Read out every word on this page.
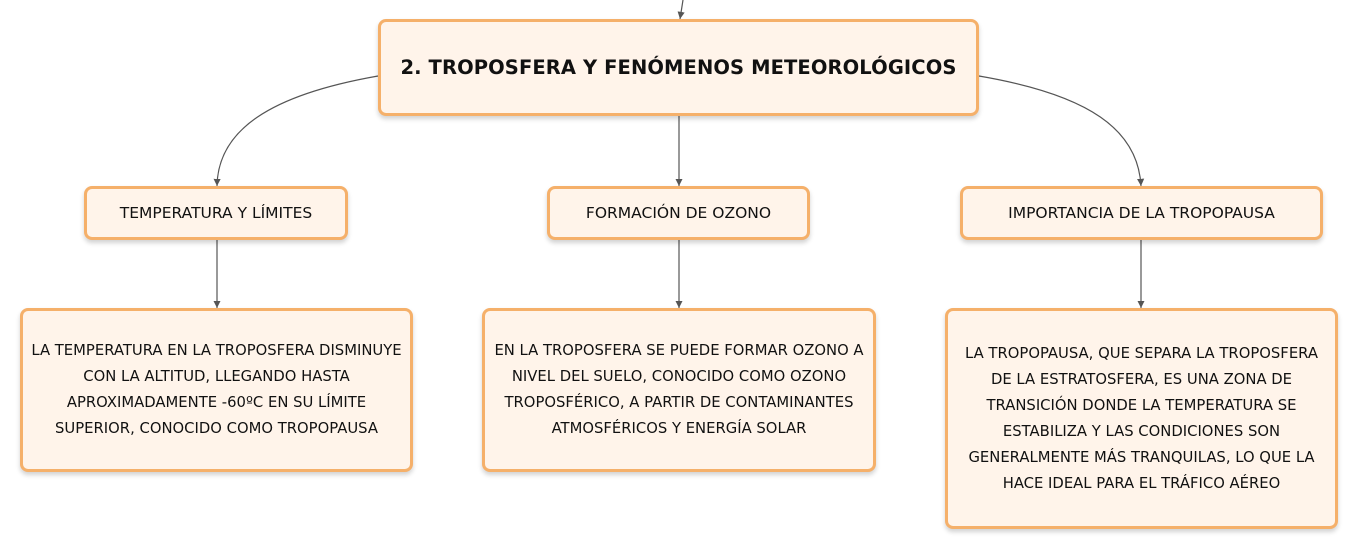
2. TROPOSFERA Y FENÓMENOS METEOROLÓGICOS
TEMPERATURA Y LÍMITES	FORMACIÓN DE OZONO	IMPORTANCIA DE LA TROPOPAUSA
LA TEMPERATURA EN LA TROPOSFERA DISMINUYE CON LA ALTITUD, LLEGANDO HASTA APROXIMADAMENTE -60ºC EN SU LÍMITE SUPERIOR, CONOCIDO COMO TROPOPAUSA
EN LA TROPOSFERA SE PUEDE FORMAR OZONO A NIVEL DEL SUELO, CONOCIDO COMO OZONO TROPOSFÉRICO, A PARTIR DE CONTAMINANTES ATMOSFÉRICOS Y ENERGÍA SOLAR
LA TROPOPAUSA, QUE SEPARA LA TROPOSFERA DE LA ESTRATOSFERA, ES UNA ZONA DE TRANSICIÓN DONDE LA TEMPERATURA SE ESTABILIZA Y LAS CONDICIONES SON GENERALMENTE MÁS TRANQUILAS, LO QUE LA HACE IDEAL PARA EL TRÁFICO AÉREO
